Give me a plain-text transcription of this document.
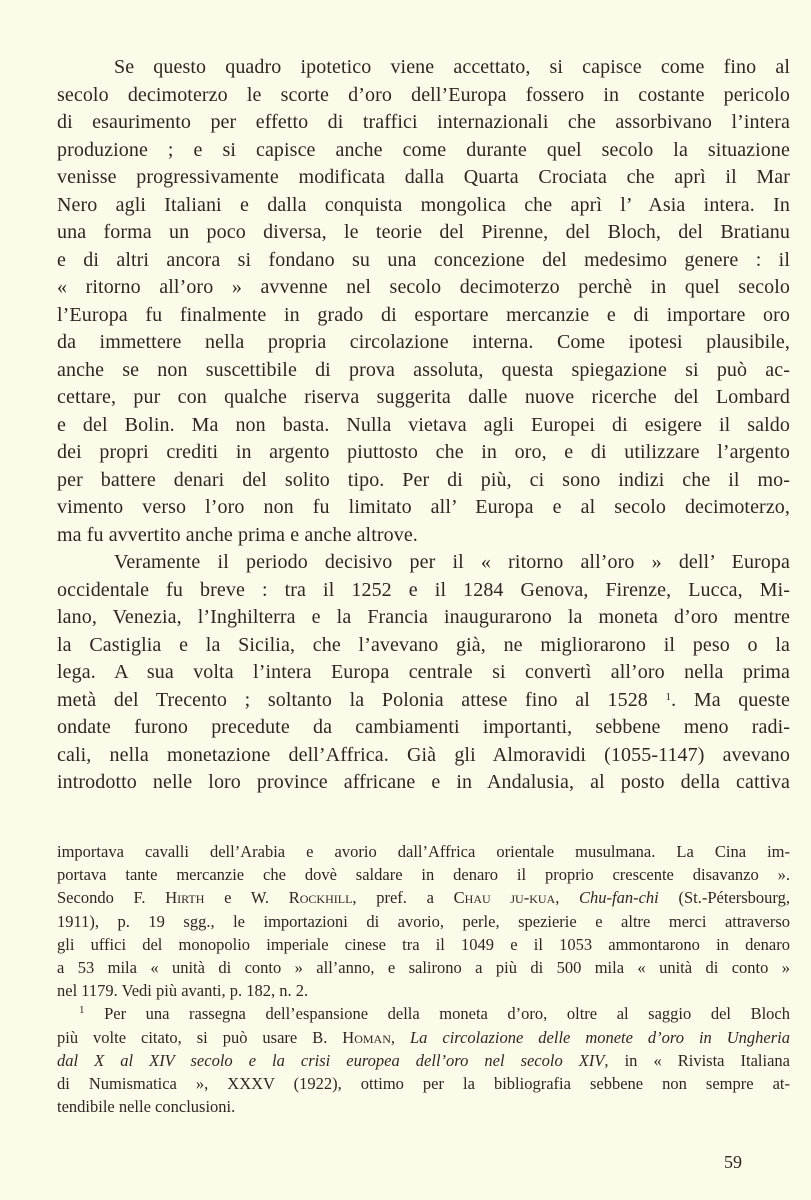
Se questo quadro ipotetico viene accettato, si capisce come fino al
secolo decimoterzo le scorte d’oro dell’Europa fossero in costante pericolo
di esaurimento per effetto di traffici internazionali che assorbivano l’intera
produzione ; e si capisce anche come durante quel secolo la situazione
venisse progressivamente modificata dalla Quarta Crociata che aprì il Mar
Nero agli Italiani e dalla conquista mongolica che aprì l’ Asia intera. In
una forma un poco diversa, le teorie del Pirenne, del Bloch, del Bratianu
e di altri ancora si fondano su una concezione del medesimo genere : il
« ritorno all’oro » avvenne nel secolo decimoterzo perchè in quel secolo
l’Europa fu finalmente in grado di esportare mercanzie e di importare oro
da immettere nella propria circolazione interna. Come ipotesi plausibile,
anche se non suscettibile di prova assoluta, questa spiegazione si può ac-
cettare, pur con qualche riserva suggerita dalle nuove ricerche del Lombard
e del Bolin. Ma non basta. Nulla vietava agli Europei di esigere il saldo
dei propri crediti in argento piuttosto che in oro, e di utilizzare l’argento
per battere denari del solito tipo. Per di più, ci sono indizi che il mo-
vimento verso l’oro non fu limitato all’ Europa e al secolo decimoterzo,
ma fu avvertito anche prima e anche altrove.
Veramente il periodo decisivo per il « ritorno all’oro » dell’ Europa
occidentale fu breve : tra il 1252 e il 1284 Genova, Firenze, Lucca, Mi-
lano, Venezia, l’Inghilterra e la Francia inaugurarono la moneta d’oro mentre
la Castiglia e la Sicilia, che l’avevano già, ne migliorarono il peso o la
lega. A sua volta l’intera Europa centrale si convertì all’oro nella prima
metà del Trecento ; soltanto la Polonia attese fino al 1528 $^1$. Ma queste
ondate furono precedute da cambiamenti importanti, sebbene meno radi-
cali, nella monetazione dell’Affrica. Già gli Almoravidi (1055-1147) avevano
introdotto nelle loro province affricane e in Andalusia, al posto della cattiva
importava cavalli dell’Arabia e avorio dall’Affrica orientale musulmana. La Cina im-
portava tante mercanzie che dovè saldare in denaro il proprio crescente disavanzo ».
Secondo F. Hirth e W. Rockhill, pref. a Chau ju-kua, Chu-fan-chi (St.-Pétersbourg,
1911), p. 19 sgg., le importazioni di avorio, perle, spezierie e altre merci attraverso
gli uffici del monopolio imperiale cinese tra il 1049 e il 1053 ammontarono in denaro
a 53 mila « unità di conto » all’anno, e salirono a più di 500 mila « unità di conto »
nel 1179. Vedi più avanti, p. 182, n. 2.
$^1$ Per una rassegna dell’espansione della moneta d’oro, oltre al saggio del Bloch
più volte citato, si può usare B. Homan, La circolazione delle monete d’oro in Ungheria
dal X al XIV secolo e la crisi europea dell’oro nel secolo XIV, in « Rivista Italiana
di Numismatica », XXXV (1922), ottimo per la bibliografia sebbene non sempre at-
tendibile nelle conclusioni.
59
